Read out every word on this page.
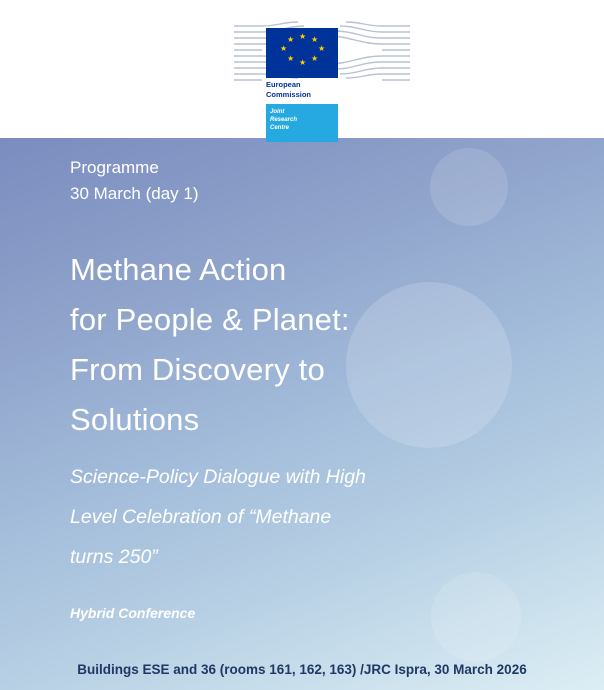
★ ★
★
★
★
★
★
★
European
Commission
Joint
Research
Centre
Programme
30 March (day 1)
Methane Action
for People & Planet:
From Discovery to
Solutions
Science-Policy Dialogue with High
Level Celebration of “Methane
turns 250”
Hybrid Conference
Buildings ESE and 36 (rooms 161, 162, 163) /JRC Ispra, 30 March 2026
